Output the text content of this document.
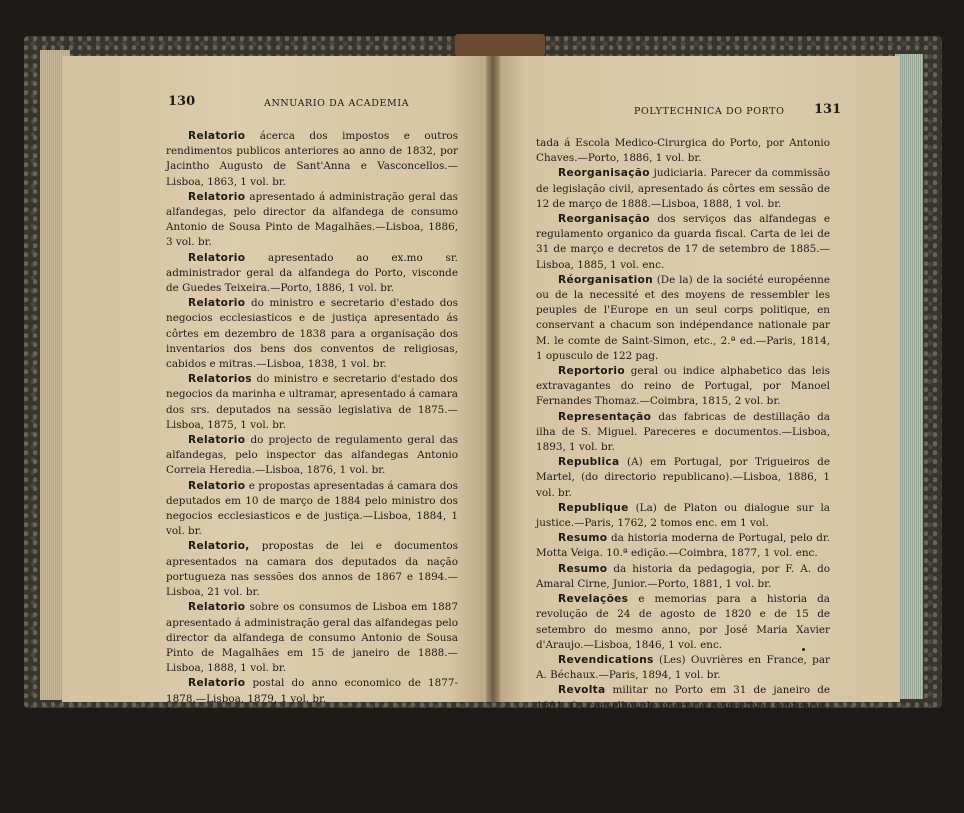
130	ANNUARIO DA ACADEMIA

Relatorio ácerca dos impostos e outros rendimentos publicos anteriores ao anno de 1832, por Jacintho Augusto de Sant'Anna e Vasconcellos.—Lisboa, 1863, 1 vol. br.

Relatorio apresentado á administração geral das alfandegas, pelo director da alfandega de consumo Antonio de Sousa Pinto de Magalhães.—Lisboa, 1886, 3 vol. br.

Relatorio apresentado ao ex.mo sr. administrador geral da alfandega do Porto, visconde de Guedes Teixeira.—Porto, 1886, 1 vol. br.

Relatorio do ministro e secretario d'estado dos negocios ecclesiasticos e de justiça apresentado ás côrtes em dezembro de 1838 para a organisação dos inventarios dos bens dos conventos de religiosas, cabidos e mitras.—Lisboa, 1838, 1 vol. br.

Relatorios do ministro e secretario d'estado dos negocios da marinha e ultramar, apresentado á camara dos srs. deputados na sessão legislativa de 1875.—Lisboa, 1875, 1 vol. br.

Relatorio do projecto de regulamento geral das alfandegas, pelo inspector das alfandegas Antonio Correia Heredia.—Lisboa, 1876, 1 vol. br.

Relatorio e propostas apresentadas á camara dos deputados em 10 de março de 1884 pelo ministro dos negocios ecclesiasticos e de justiça.—Lisboa, 1884, 1 vol. br.

Relatorio, propostas de lei e documentos apresentados na camara dos deputados da nação portugueza nas sessões dos annos de 1867 e 1894.—Lisboa, 21 vol. br.

Relatorio sobre os consumos de Lisboa em 1887 apresentado á administração geral das alfandegas pelo director da alfandega de consumo Antonio de Sousa Pinto de Magalhães em 15 de janeiro de 1888.—Lisboa, 1888, 1 vol. br.

Relatorio postal do anno economico de 1877-1878.—Lisboa, 1879, 1 vol. br.

Relatorio de viagem entre Bailundo e as terras do Mucusso, por Paiva Conceiro.—Lisboa, 1892, 1 vol. br.

Remoção das immundicias. Estudo sobre os diversos systemas adoptados nas principaes cidades da Europa e sua applicação á cidade do Porto. Dissertação inaugural apresen-

POLYTECHNICA DO PORTO 131

tada á Escola Medico-Cirurgica do Porto, por Antonio Chaves.—Porto, 1886, 1 vol. br.

Reorganisação judiciaria. Parecer da commissão de legislação civil, apresentado ás côrtes em sessão de 12 de março de 1888.—Lisboa, 1888, 1 vol. br.

Reorganisação dos serviços das alfandegas e regulamento organico da guarda fiscal. Carta de lei de 31 de março e decretos de 17 de setembro de 1885.—Lisboa, 1885, 1 vol. enc.

Réorganisation (De la) de la société européenne ou de la necessité et des moyens de ressembler les peuples de l'Europe en un seul corps politique, en conservant a chacum son indépendance nationale par M. le comte de Saint-Simon, etc., 2.ª ed.—Paris, 1814, 1 opusculo de 122 pag.

Reportorio geral ou indice alphabetico das leis extravagantes do reino de Portugal, por Manoel Fernandes Thomaz.—Coimbra, 1815, 2 vol. br.

Representação das fabricas de destillação da ilha de S. Miguel. Pareceres e documentos.—Lisboa, 1893, 1 vol. br.

Republica (A) em Portugal, por Trigueiros de Martel, (do directorio republicano).—Lisboa, 1886, 1 vol. br.

Republique (La) de Platon ou dialogue sur la justice.—Paris, 1762, 2 tomos enc. em 1 vol.

Resumo da historia moderna de Portugal, pelo dr. Motta Veiga. 10.ª edição.—Coimbra, 1877, 1 vol. enc.

Resumo da historia da pedagogia, por F. A. do Amaral Cirne, Junior.—Porto, 1881, 1 vol. br.

Revelações e memorias para a historia da revolução de 24 de agosto de 1820 e de 15 de setembro do mesmo anno, por José Maria Xavier d'Araujo.—Lisboa, 1846, 1 vol. enc.

Revendications (Les) Ouvrières en France, par A. Béchaux.—Paris, 1894, 1 vol. br.

Revolta militar no Porto em 31 de janeiro de 1891. Os conselhos de guerra e respectivas sentenças.—Porto, 1891, 1 vol. br.

Révolution (Une) en économie politique. Exposé des
